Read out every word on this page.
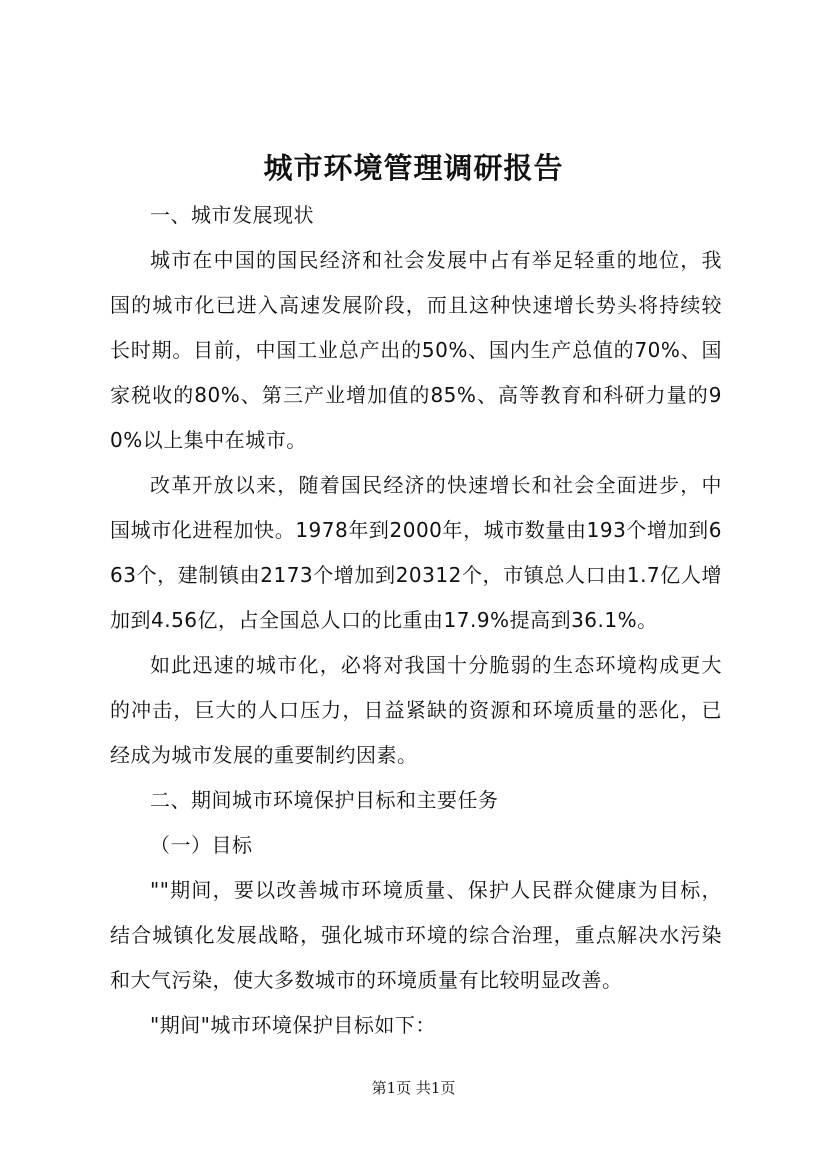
城市环境管理调研报告

一、城市发展现状

城市在中国的国民经济和社会发展中占有举足轻重的地位，我国的城市化已进入高速发展阶段，而且这种快速增长势头将持续较长时期。目前，中国工业总产出的50%、国内生产总值的70%、国家税收的80%、第三产业增加值的85%、高等教育和科研力量的90%以上集中在城市。

改革开放以来，随着国民经济的快速增长和社会全面进步，中国城市化进程加快。1978年到2000年，城市数量由193个增加到663个，建制镇由2173个增加到20312个，市镇总人口由1.7亿人增加到4.56亿，占全国总人口的比重由17.9%提高到36.1%。

如此迅速的城市化，必将对我国十分脆弱的生态环境构成更大的冲击，巨大的人口压力，日益紧缺的资源和环境质量的恶化，已经成为城市发展的重要制约因素。

二、期间城市环境保护目标和主要任务

（一）目标

""期间，要以改善城市环境质量、保护人民群众健康为目标，结合城镇化发展战略，强化城市环境的综合治理，重点解决水污染和大气污染，使大多数城市的环境质量有比较明显改善。

"期间"城市环境保护目标如下：

第1页 共1页
